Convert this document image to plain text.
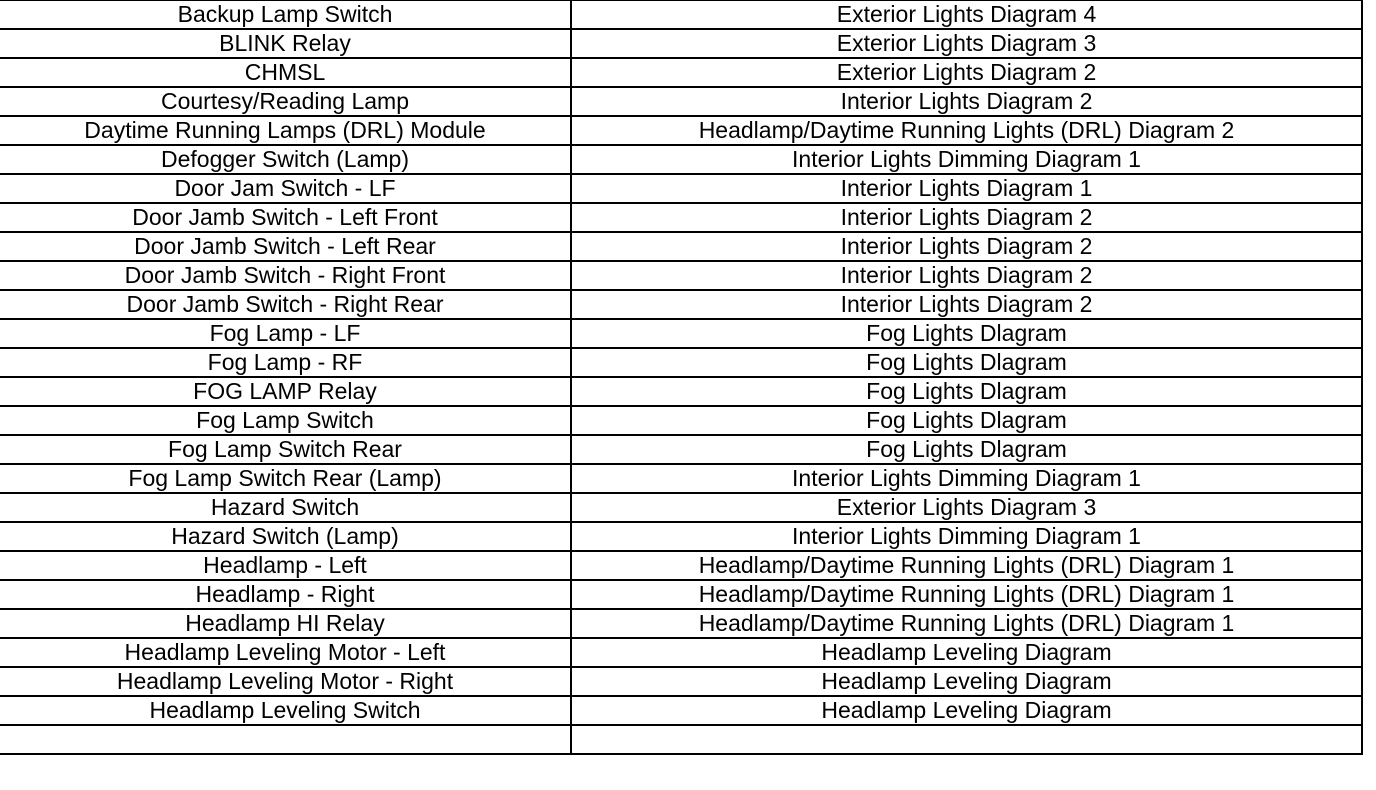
Backup Lamp Switch	Exterior Lights Diagram 4
BLINK Relay	Exterior Lights Diagram 3
CHMSL	Exterior Lights Diagram 2
Courtesy/Reading Lamp	Interior Lights Diagram 2
Daytime Running Lamps (DRL) Module	Headlamp/Daytime Running Lights (DRL) Diagram 2
Defogger Switch (Lamp)	Interior Lights Dimming Diagram 1
Door Jam Switch - LF	Interior Lights Diagram 1
Door Jamb Switch - Left Front	Interior Lights Diagram 2
Door Jamb Switch - Left Rear	Interior Lights Diagram 2
Door Jamb Switch - Right Front	Interior Lights Diagram 2
Door Jamb Switch - Right Rear	Interior Lights Diagram 2
Fog Lamp - LF	Fog Lights Dlagram
Fog Lamp - RF	Fog Lights Dlagram
FOG LAMP Relay	Fog Lights Dlagram
Fog Lamp Switch	Fog Lights Dlagram
Fog Lamp Switch Rear	Fog Lights Dlagram
Fog Lamp Switch Rear (Lamp)	Interior Lights Dimming Diagram 1
Hazard Switch	Exterior Lights Diagram 3
Hazard Switch (Lamp)	Interior Lights Dimming Diagram 1
Headlamp - Left	Headlamp/Daytime Running Lights (DRL) Diagram 1
Headlamp - Right	Headlamp/Daytime Running Lights (DRL) Diagram 1
Headlamp HI Relay	Headlamp/Daytime Running Lights (DRL) Diagram 1
Headlamp Leveling Motor - Left	Headlamp Leveling Diagram
Headlamp Leveling Motor - Right	Headlamp Leveling Diagram
Headlamp Leveling Switch	Headlamp Leveling Diagram
